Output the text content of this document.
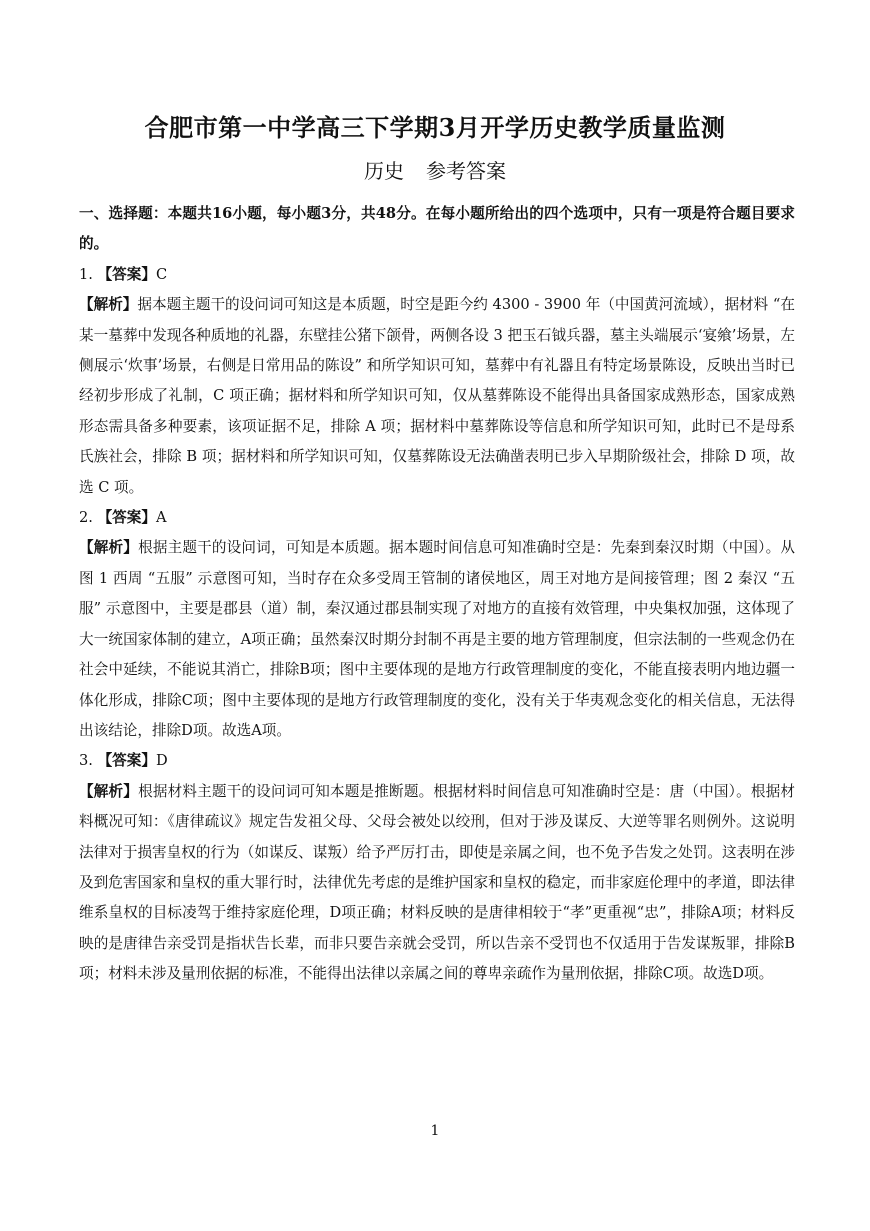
合肥市第一中学高三下学期3月开学历史教学质量监测
历史 参考答案

一、选择题：本题共16小题，每小题3分，共48分。在每小题所给出的四个选项中，只有一项是符合题目要求的。

1. 【答案】C

【解析】据本题主题干的设问词可知这是本质题，时空是距今约 4300 - 3900 年（中国黄河流域），据材料 “在某一墓葬中发现各种质地的礼器，东壁挂公猪下颌骨，两侧各设 3 把玉石钺兵器，墓主头端展示‘宴飨’场景，左侧展示‘炊事’场景，右侧是日常用品的陈设” 和所学知识可知，墓葬中有礼器且有特定场景陈设，反映出当时已经初步形成了礼制，C 项正确；据材料和所学知识可知，仅从墓葬陈设不能得出具备国家成熟形态，国家成熟形态需具备多种要素，该项证据不足，排除 A 项；据材料中墓葬陈设等信息和所学知识可知，此时已不是母系氏族社会，排除 B 项；据材料和所学知识可知，仅墓葬陈设无法确凿表明已步入早期阶级社会，排除 D 项，故选 C 项。

2. 【答案】A

【解析】根据主题干的设问词，可知是本质题。据本题时间信息可知准确时空是：先秦到秦汉时期（中国）。从图 1 西周 “五服” 示意图可知，当时存在众多受周王管制的诸侯地区，周王对地方是间接管理；图 2 秦汉 “五服” 示意图中，主要是郡县（道）制，秦汉通过郡县制实现了对地方的直接有效管理，中央集权加强，这体现了大一统国家体制的建立，A项正确；虽然秦汉时期分封制不再是主要的地方管理制度，但宗法制的一些观念仍在社会中延续，不能说其消亡，排除B项；图中主要体现的是地方行政管理制度的变化，不能直接表明内地边疆一体化形成，排除C项；图中主要体现的是地方行政管理制度的变化，没有关于华夷观念变化的相关信息，无法得出该结论，排除D项。故选A项。

3. 【答案】D

【解析】根据材料主题干的设问词可知本题是推断题。根据材料时间信息可知准确时空是：唐（中国）。根据材料概况可知：《唐律疏议》规定告发祖父母、父母会被处以绞刑，但对于涉及谋反、大逆等罪名则例外。这说明法律对于损害皇权的行为（如谋反、谋叛）给予严厉打击，即使是亲属之间，也不免予告发之处罚。这表明在涉及到危害国家和皇权的重大罪行时，法律优先考虑的是维护国家和皇权的稳定，而非家庭伦理中的孝道，即法律维系皇权的目标凌驾于维持家庭伦理，D项正确；材料反映的是唐律相较于“孝”更重视“忠”，排除A项；材料反映的是唐律告亲受罚是指状告长辈，而非只要告亲就会受罚，所以告亲不受罚也不仅适用于告发谋叛罪，排除B项；材料未涉及量刑依据的标准，不能得出法律以亲属之间的尊卑亲疏作为量刑依据，排除C项。故选D项。

1
